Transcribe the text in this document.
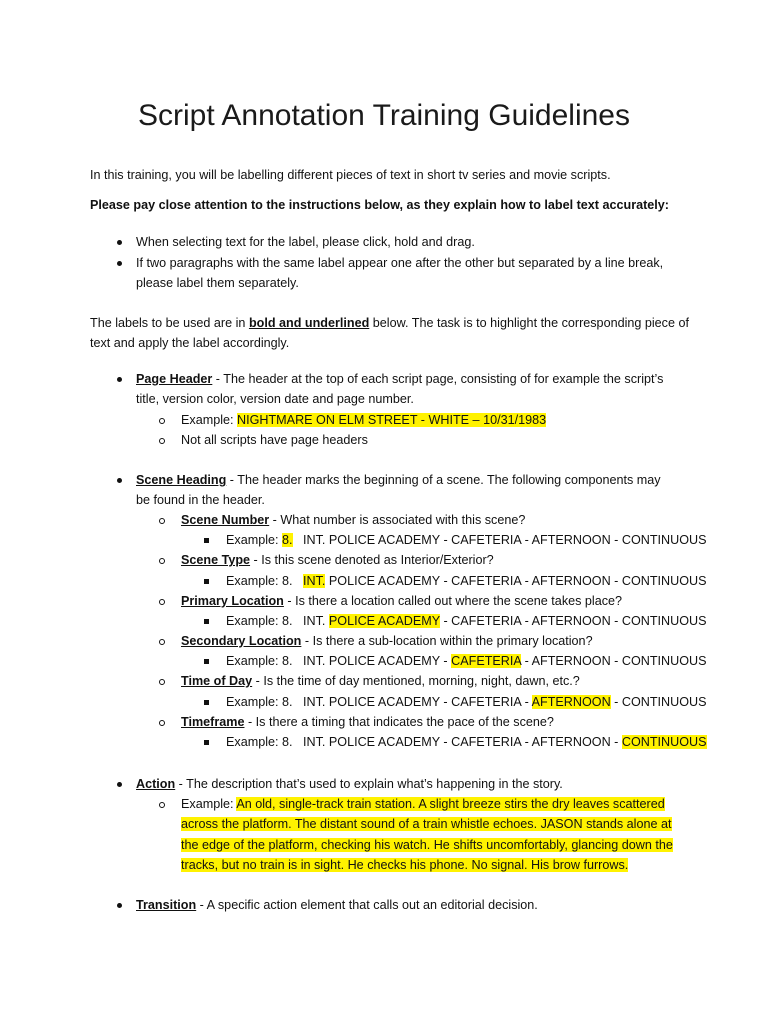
Script Annotation Training Guidelines

In this training, you will be labelling different pieces of text in short tv series and movie scripts.

Please pay close attention to the instructions below, as they explain how to label text accurately:

When selecting text for the label, please click, hold and drag.

If two paragraphs with the same label appear one after the other but separated by a line break, please label them separately.

The labels to be used are in bold and underlined below. The task is to highlight the corresponding piece of text and apply the label accordingly.

Page Header - The header at the top of each script page, consisting of for example the script’s title, version color, version date and page number.

Example: NIGHTMARE ON ELM STREET - WHITE – 10/31/1983

Not all scripts have page headers

Scene Heading - The header marks the beginning of a scene. The following components may be found in the header.

Scene Number - What number is associated with this scene?

Example: 8.   INT. POLICE ACADEMY - CAFETERIA - AFTERNOON - CONTINUOUS

Scene Type - Is this scene denoted as Interior/Exterior?

Example: 8.   INT. POLICE ACADEMY - CAFETERIA - AFTERNOON - CONTINUOUS

Primary Location - Is there a location called out where the scene takes place?

Example: 8.   INT. POLICE ACADEMY - CAFETERIA - AFTERNOON - CONTINUOUS

Secondary Location - Is there a sub-location within the primary location?

Example: 8.   INT. POLICE ACADEMY - CAFETERIA - AFTERNOON - CONTINUOUS

Time of Day - Is the time of day mentioned, morning, night, dawn, etc.?

Example: 8.   INT. POLICE ACADEMY - CAFETERIA - AFTERNOON - CONTINUOUS

Timeframe - Is there a timing that indicates the pace of the scene?

Example: 8.   INT. POLICE ACADEMY - CAFETERIA - AFTERNOON - CONTINUOUS

Action - The description that’s used to explain what’s happening in the story.

Example: An old, single-track train station. A slight breeze stirs the dry leaves scattered across the platform. The distant sound of a train whistle echoes. JASON stands alone at the edge of the platform, checking his watch. He shifts uncomfortably, glancing down the tracks, but no train is in sight. He checks his phone. No signal. His brow furrows.

Transition - A specific action element that calls out an editorial decision.
